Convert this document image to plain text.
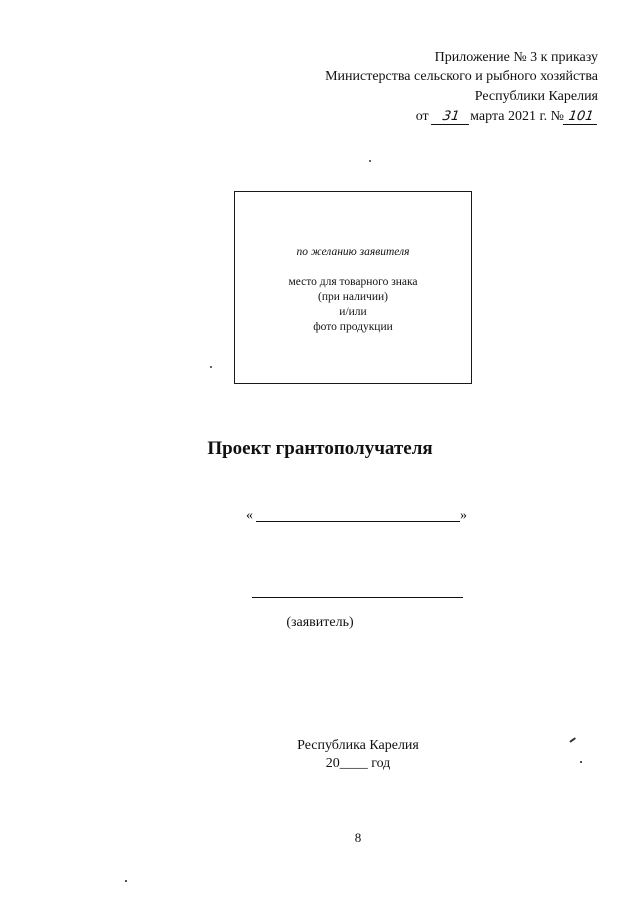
Приложение № 3 к приказу
Министерства сельского и рыбного хозяйства
Республики Карелия
от 31 марта 2021 г. № 101
по желанию заявителя
место для товарного знака
(при наличии)
и/или
фото продукции
Проект грантополучателя
«	»
(заявитель)
Республика Карелия
20____ год
8
